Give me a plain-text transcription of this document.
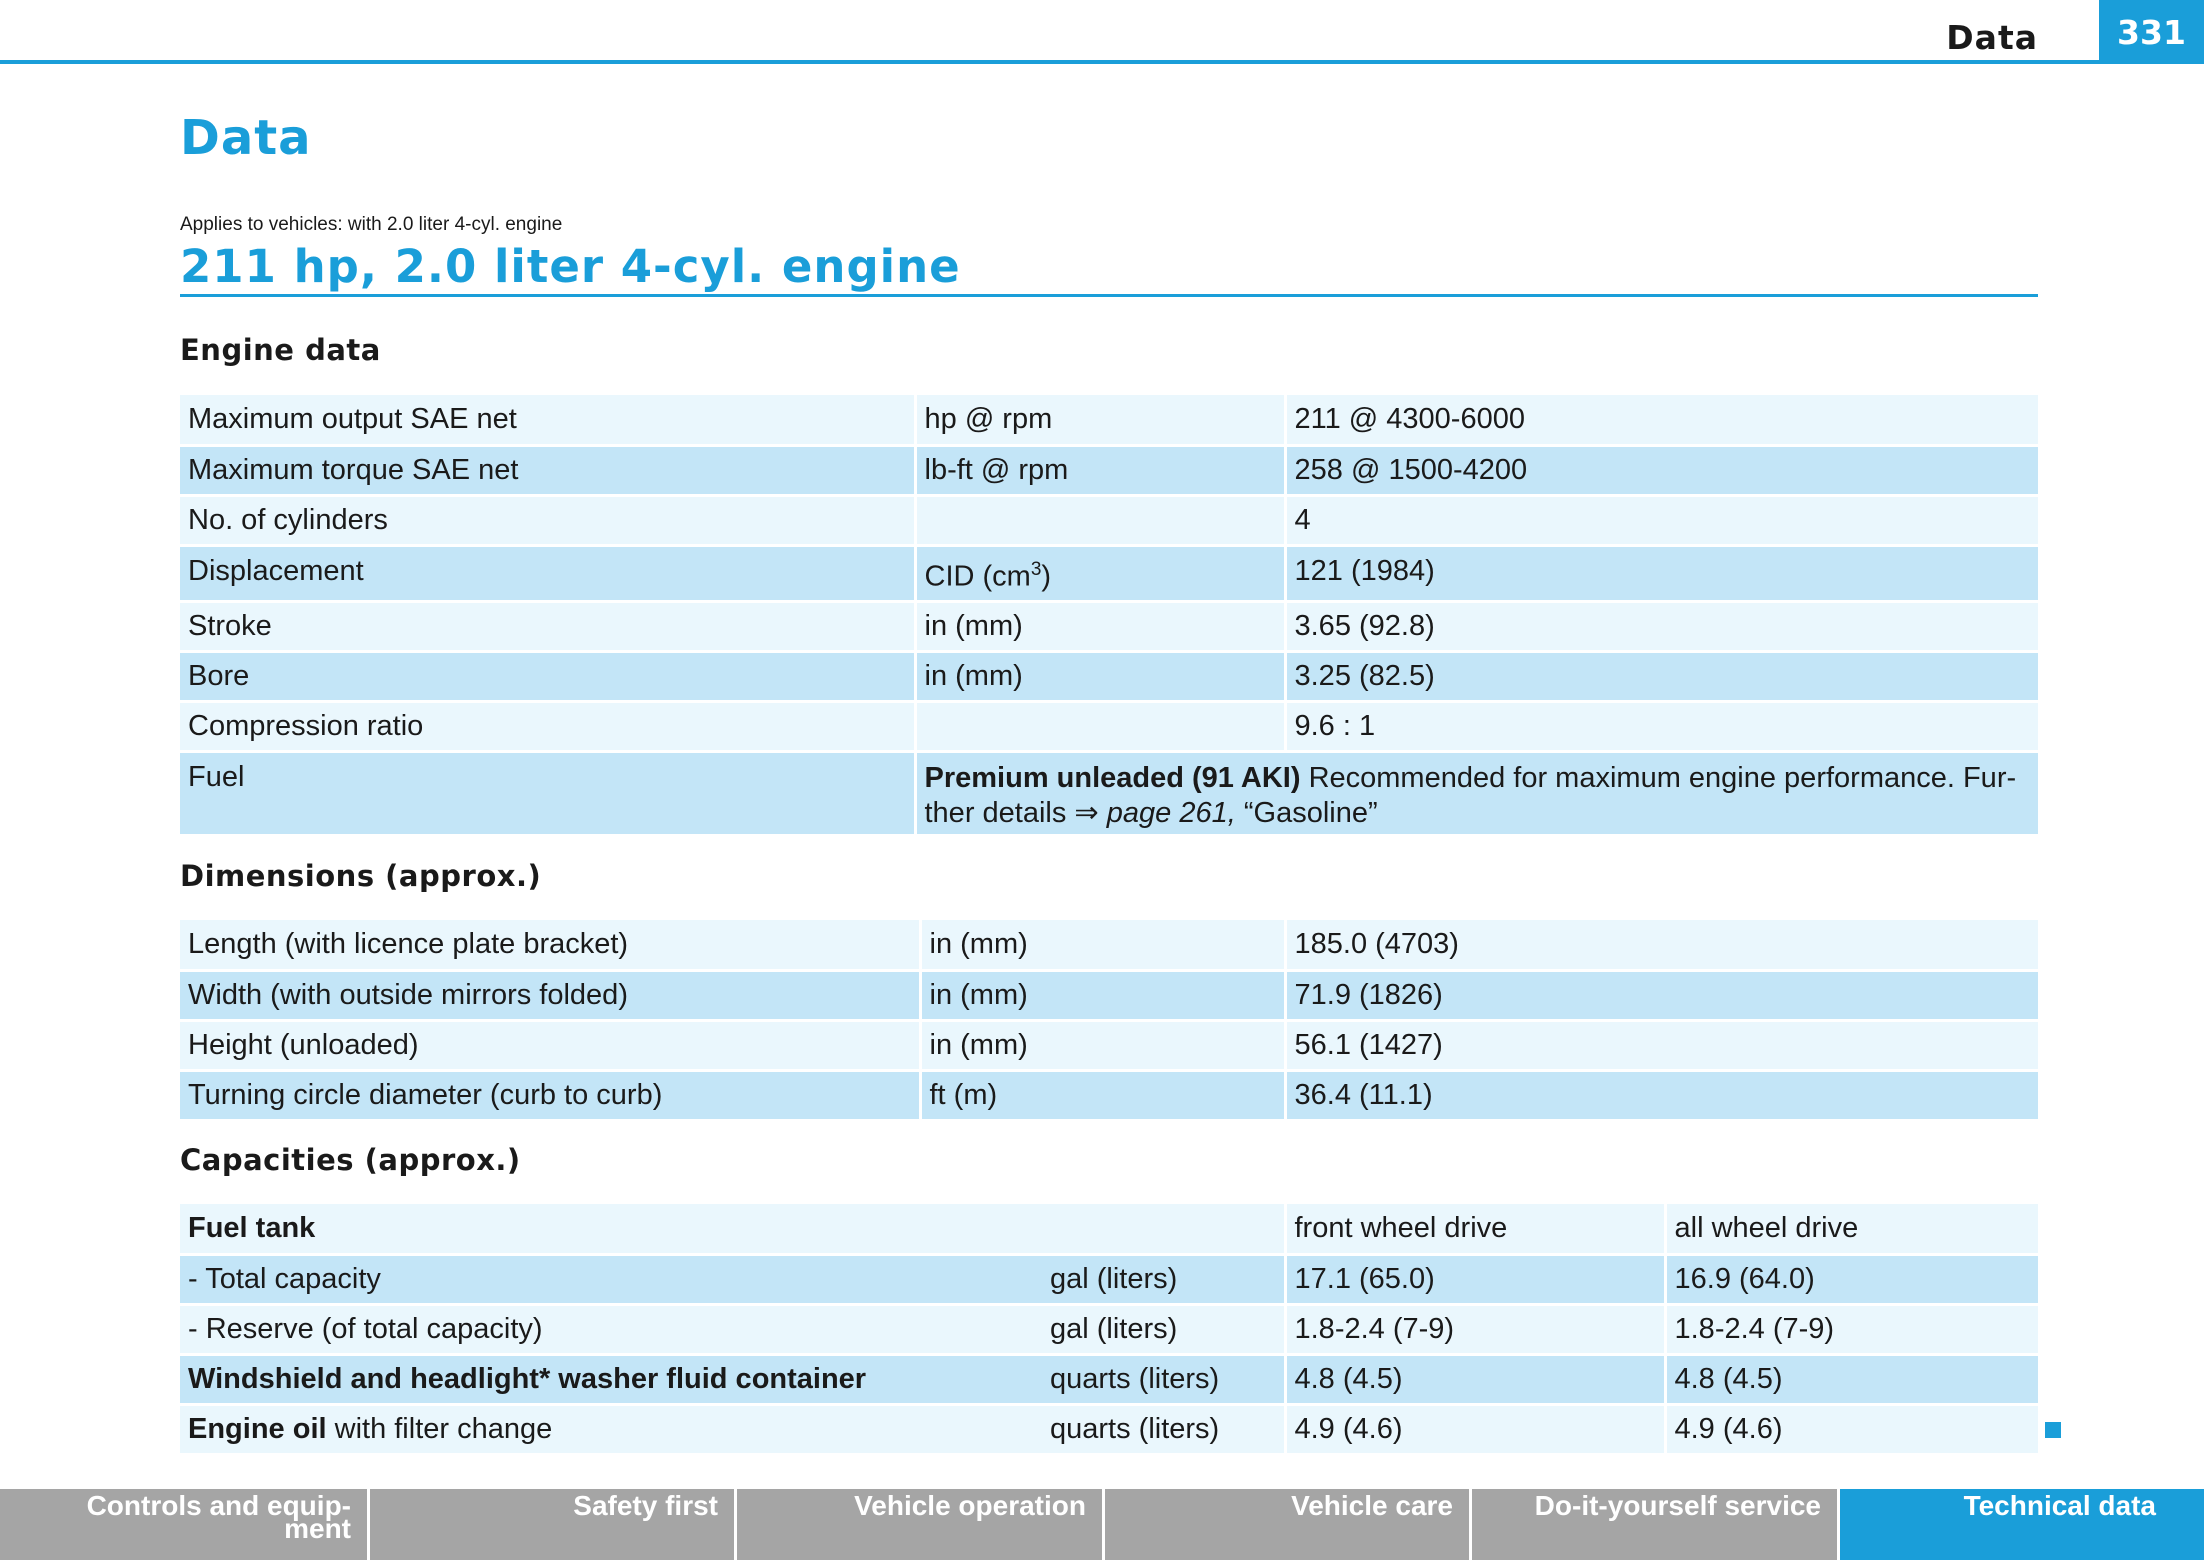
Data	331
Data
Applies to vehicles: with 2.0 liter 4-cyl. engine
211 hp, 2.0 liter 4-cyl. engine
Engine data
Maximum output SAE net	hp @ rpm	211 @ 4300-6000
Maximum torque SAE net	lb-ft @ rpm	258 @ 1500-4200
No. of cylinders		4
Displacement	CID $(cm^3)$	121 (1984)
Stroke	in (mm)	3.65 (92.8)
Bore	in (mm)	3.25 (82.5)
Compression ratio		9.6 : 1
Fuel	Premium unleaded (91 AKI) Recommended for maximum engine performance. Fur-
ther details ⇒ page 261, “Gasoline”	
Dimensions (approx.)
Length (with licence plate bracket)	in (mm)	185.0 (4703)
Width (with outside mirrors folded)	in (mm)	71.9 (1826)
Height (unloaded)	in (mm)	56.1 (1427)
Turning circle diameter (curb to curb)	ft (m)	36.4 (11.1)
Capacities (approx.)
Fuel tank		front wheel drive	all wheel drive
- Total capacity	gal (liters)	17.1 (65.0)	16.9 (64.0)
- Reserve (of total capacity)	gal (liters)	1.8-2.4 (7-9)	1.8-2.4 (7-9)
Windshield and headlight* washer fluid container	quarts (liters)	4.8 (4.5)	4.8 (4.5)
Engine oil with filter change	quarts (liters)	4.9 (4.6)	4.9 (4.6)
Controls and equip-
ment
Safety first	Vehicle operation	Vehicle care	Do-it-yourself service	Technical data
